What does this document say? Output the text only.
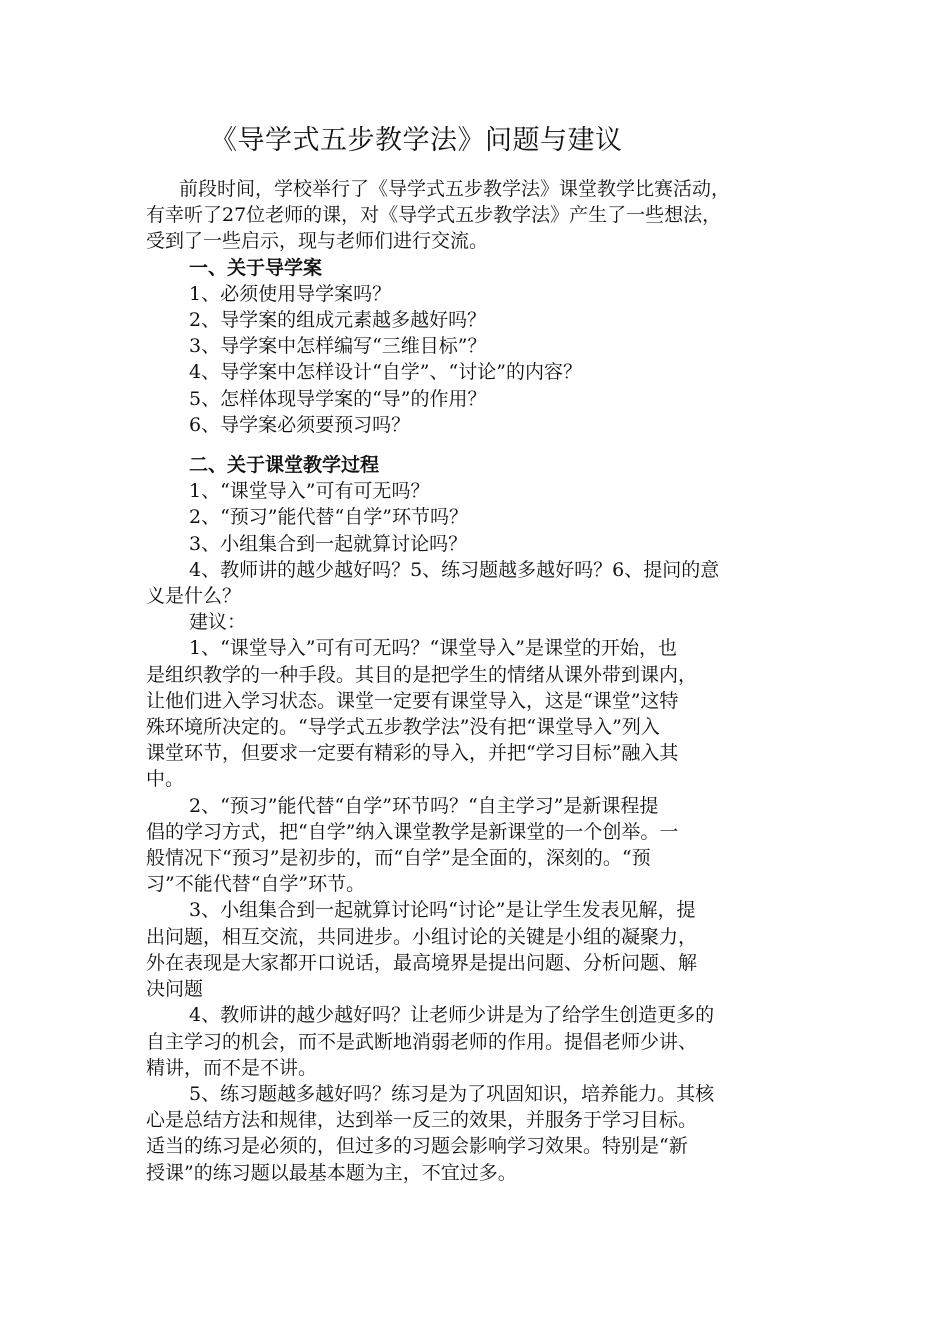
《导学式五步教学法》问题与建议

前段时间，学校举行了《导学式五步教学法》课堂教学比赛活动，

有幸听了27位老师的课，对《导学式五步教学法》产生了一些想法，

受到了一些启示，现与老师们进行交流。

一、关于导学案

1、必须使用导学案吗？

2、导学案的组成元素越多越好吗？

3、导学案中怎样编写“三维目标”？

4、导学案中怎样设计“自学”、“讨论”的内容？

5、怎样体现导学案的“导”的作用？

6、导学案必须要预习吗？

二、关于课堂教学过程

1、“课堂导入”可有可无吗？

2、“预习”能代替“自学”环节吗？

3、小组集合到一起就算讨论吗？

4、教师讲的越少越好吗？5、练习题越多越好吗？6、提问的意

义是什么？

建议：

1、“课堂导入”可有可无吗？“课堂导入”是课堂的开始，也

是组织教学的一种手段。其目的是把学生的情绪从课外带到课内，

让他们进入学习状态。课堂一定要有课堂导入，这是“课堂”这特

殊环境所决定的。“导学式五步教学法”没有把“课堂导入”列入

课堂环节，但要求一定要有精彩的导入，并把“学习目标”融入其

中。

2、“预习”能代替“自学”环节吗？“自主学习”是新课程提

倡的学习方式，把“自学”纳入课堂教学是新课堂的一个创举。一

般情况下“预习”是初步的，而“自学”是全面的，深刻的。“预

习”不能代替“自学”环节。

3、小组集合到一起就算讨论吗“讨论”是让学生发表见解，提

出问题，相互交流，共同进步。小组讨论的关键是小组的凝聚力，

外在表现是大家都开口说话，最高境界是提出问题、分析问题、解

决问题

4、教师讲的越少越好吗？让老师少讲是为了给学生创造更多的

自主学习的机会，而不是武断地消弱老师的作用。提倡老师少讲、

精讲，而不是不讲。

5、练习题越多越好吗？练习是为了巩固知识，培养能力。其核

心是总结方法和规律，达到举一反三的效果，并服务于学习目标。

适当的练习是必须的，但过多的习题会影响学习效果。特别是“新

授课”的练习题以最基本题为主，不宜过多。
